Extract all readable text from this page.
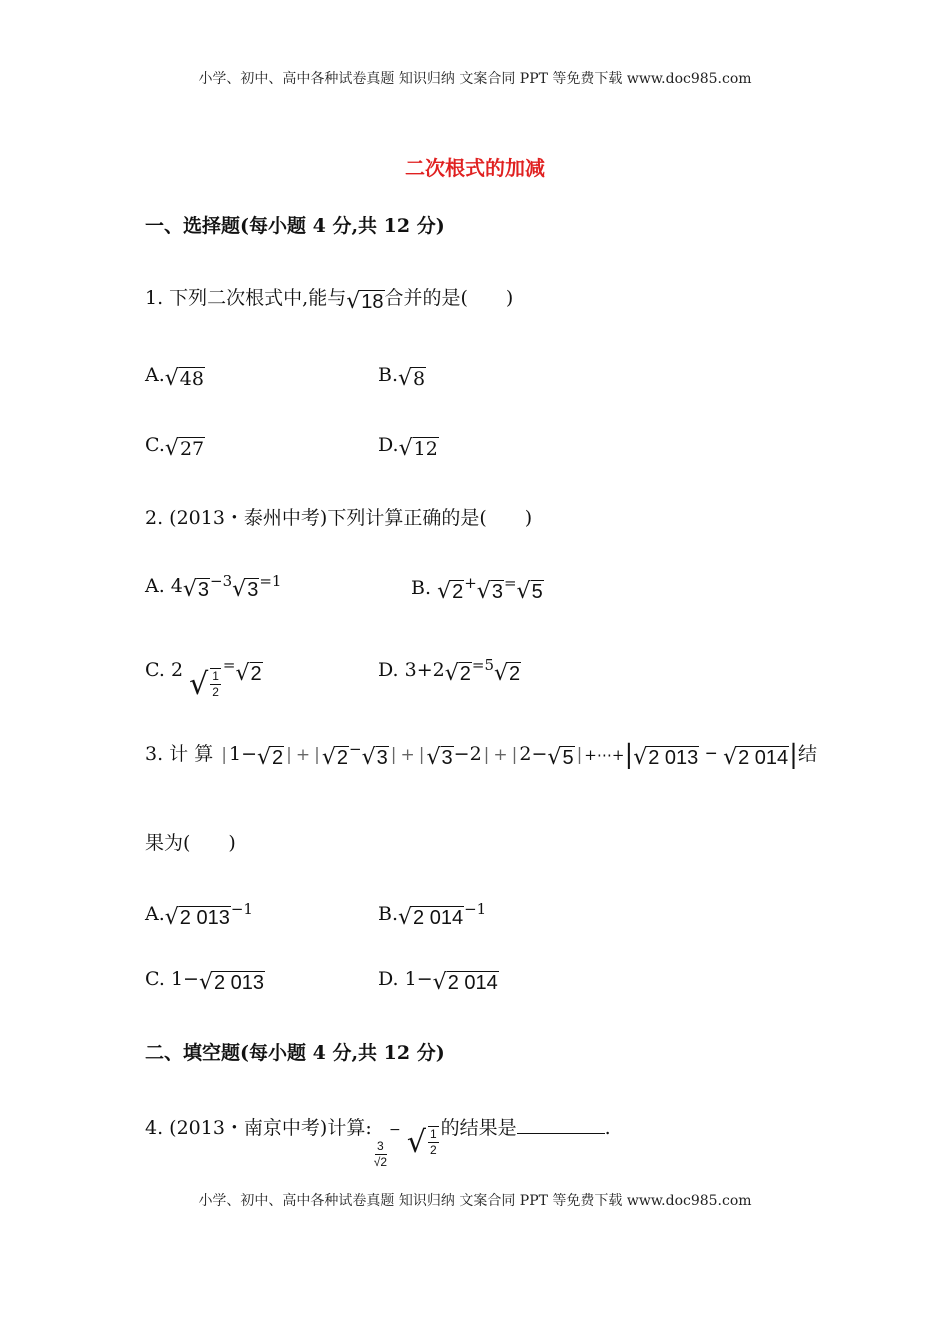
小学、初中、高中各种试卷真题 知识归纳 文案合同 PPT 等免费下载 www.doc985.com
二次根式的加减
一、选择题(每小题 4 分,共 12 分)
1. 下列二次根式中,能与√18合并的是(　　)
A.√48	B.√8
C.√27	D.√12
2. (2013・泰州中考)下列计算正确的是(　　)
A. $4√3^{-3}√3^{=1}$	B. √2+√3=√5
C. 2 √ $\frac{1}{2}$
=√2	D. $3+2√2^{=5}√2$
3. 计 算 | 1−√2 | + |√2−√3 | + |√3−2 | + | 2−√5 | +⋯+|√2 013 − √2 014|结
果为(　　)
A.√2 $013^{-1}$	B.√2 $014^{-1}$
C. 1−√2 013	D. 1−√2 014
二、填空题(每小题 4 分,共 12 分)
4. (2013・南京中考)计算:
$\frac{3}{√2}$
− √ $\frac{1}{2}$ 的结果是	.
小学、初中、高中各种试卷真题 知识归纳 文案合同 PPT 等免费下载 www.doc985.com
